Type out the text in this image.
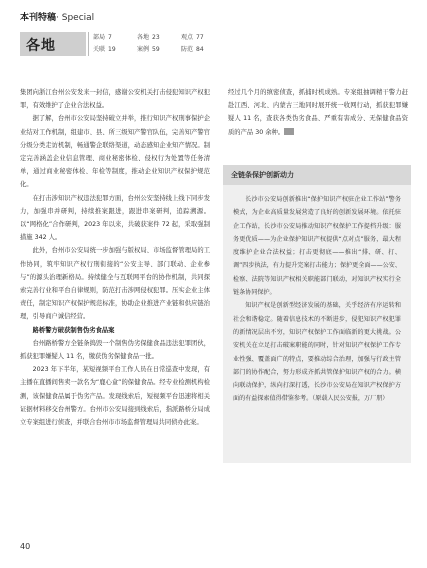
本刊特稿· Special
各地
部局 7	各地 23	观点 77
关联 19	案例 59	防范 84

集团向浙江台州公安发来一封信，感谢公安机关打击侵犯知识产权犯罪，有效维护了企业合法权益。

据了解，台州市公安局坚持破立并举，推行知识产权刑事保护企业结对工作机制，组建市、县、所三级知产警官队伍，完善知产警官分级分类走访机制，畅通警企联络渠道，动态感知企业知产情况。制定完善涵盖企业信息管理、商业秘密体检、侵权行为处置等任务清单，通过商业秘密体检、年检等制度，推动企业知识产权保护规范化。

在打击涉知识产权违法犯罪方面，台州公安坚持线上线下同步发力，加强串并研判，持续推案跟进，跟进串案研判，追踪溯源。以“网格化”合作研判，2023 年以来，共破获案件 72 起，采取强制措施 342 人。

此外，台州市公安局统一步加强与版权局、市场监督管理局的工作协同，筑牢知识产权行刑衔接的“公安主导、部门联动、企业参与”的源头治理新格局。持续健全与互联网平台的协作机制，共同探索完善行业和平台自律规则，防范打击涉网侵权犯罪。压实企业主体责任，制定知识产权保护规范标准，协助企业推进产业链和供应链治理，引导商户诚信经营。

路桥警方破获制售伪劣食品案

台州路桥警方全链条捣毁一个制售伪劣保健食品违法犯罪团伙，抓获犯罪嫌疑人 11 名，缴获伪劣保健食品一批。

2023 年下半年，某短视频平台工作人员在日常巡查中发现，有主播在直播间售卖一款名为“鹿心盒”的保健食品。经专业检测机构检测，该保健食品属于伪劣产品。发现线索后，短视频平台迅速将相关证据材料移交台州警方。台州市公安局接到线索后，指派路桥分局成立专案组进行侦查，并联合台州市市场监督管理局共同侦办此案。

经过几个月的缜密侦查，抓捕时机成熟。专案组抽调精干警力赶赴江西、河北、内蒙古三地同时展开统一收网行动，抓获犯罪嫌疑人 11 名，查获各类伪劣食品、严重有害成分、无保健食品资质的产品 30 余种。

全链条保护创新动力

长沙市公安局创新推出“保护知识产权驻企业工作站”警务模式，为企业高质量发展营造了良好的创新发展环境。依托驻企工作站，长沙市公安局推动知识产权保护工作提档升级：服务更优质——为企业保护知识产权提供“点对点”服务，最大程度维护企业合法权益；打击更彻底——推出“排、研、打、调”四步执法，有力提升完案打击能力；保护更全面——公安、检察、法院等知识产权相关职能部门联动，对知识产权实行全链条协同保护。

知识产权是创新型经济发展的基础，关乎经济有序运转和社会和谐稳定。随着信息技术的不断进步，侵犯知识产权犯罪的新情况层出不穷，知识产权保护工作面临新的更大挑战。公安机关在立足打击破案职能的同时，针对知识产权保护工作专业性强、覆盖面广的特点，要推动综合治理，加强与行政主管部门的协作配合，努力形成齐抓共管保护知识产权的合力。横向联动保护，纵向打深打透，长沙市公安局在知识产权保护方面的有益探索值得借鉴参考。（原载人民公安报，万厂朋）

40
